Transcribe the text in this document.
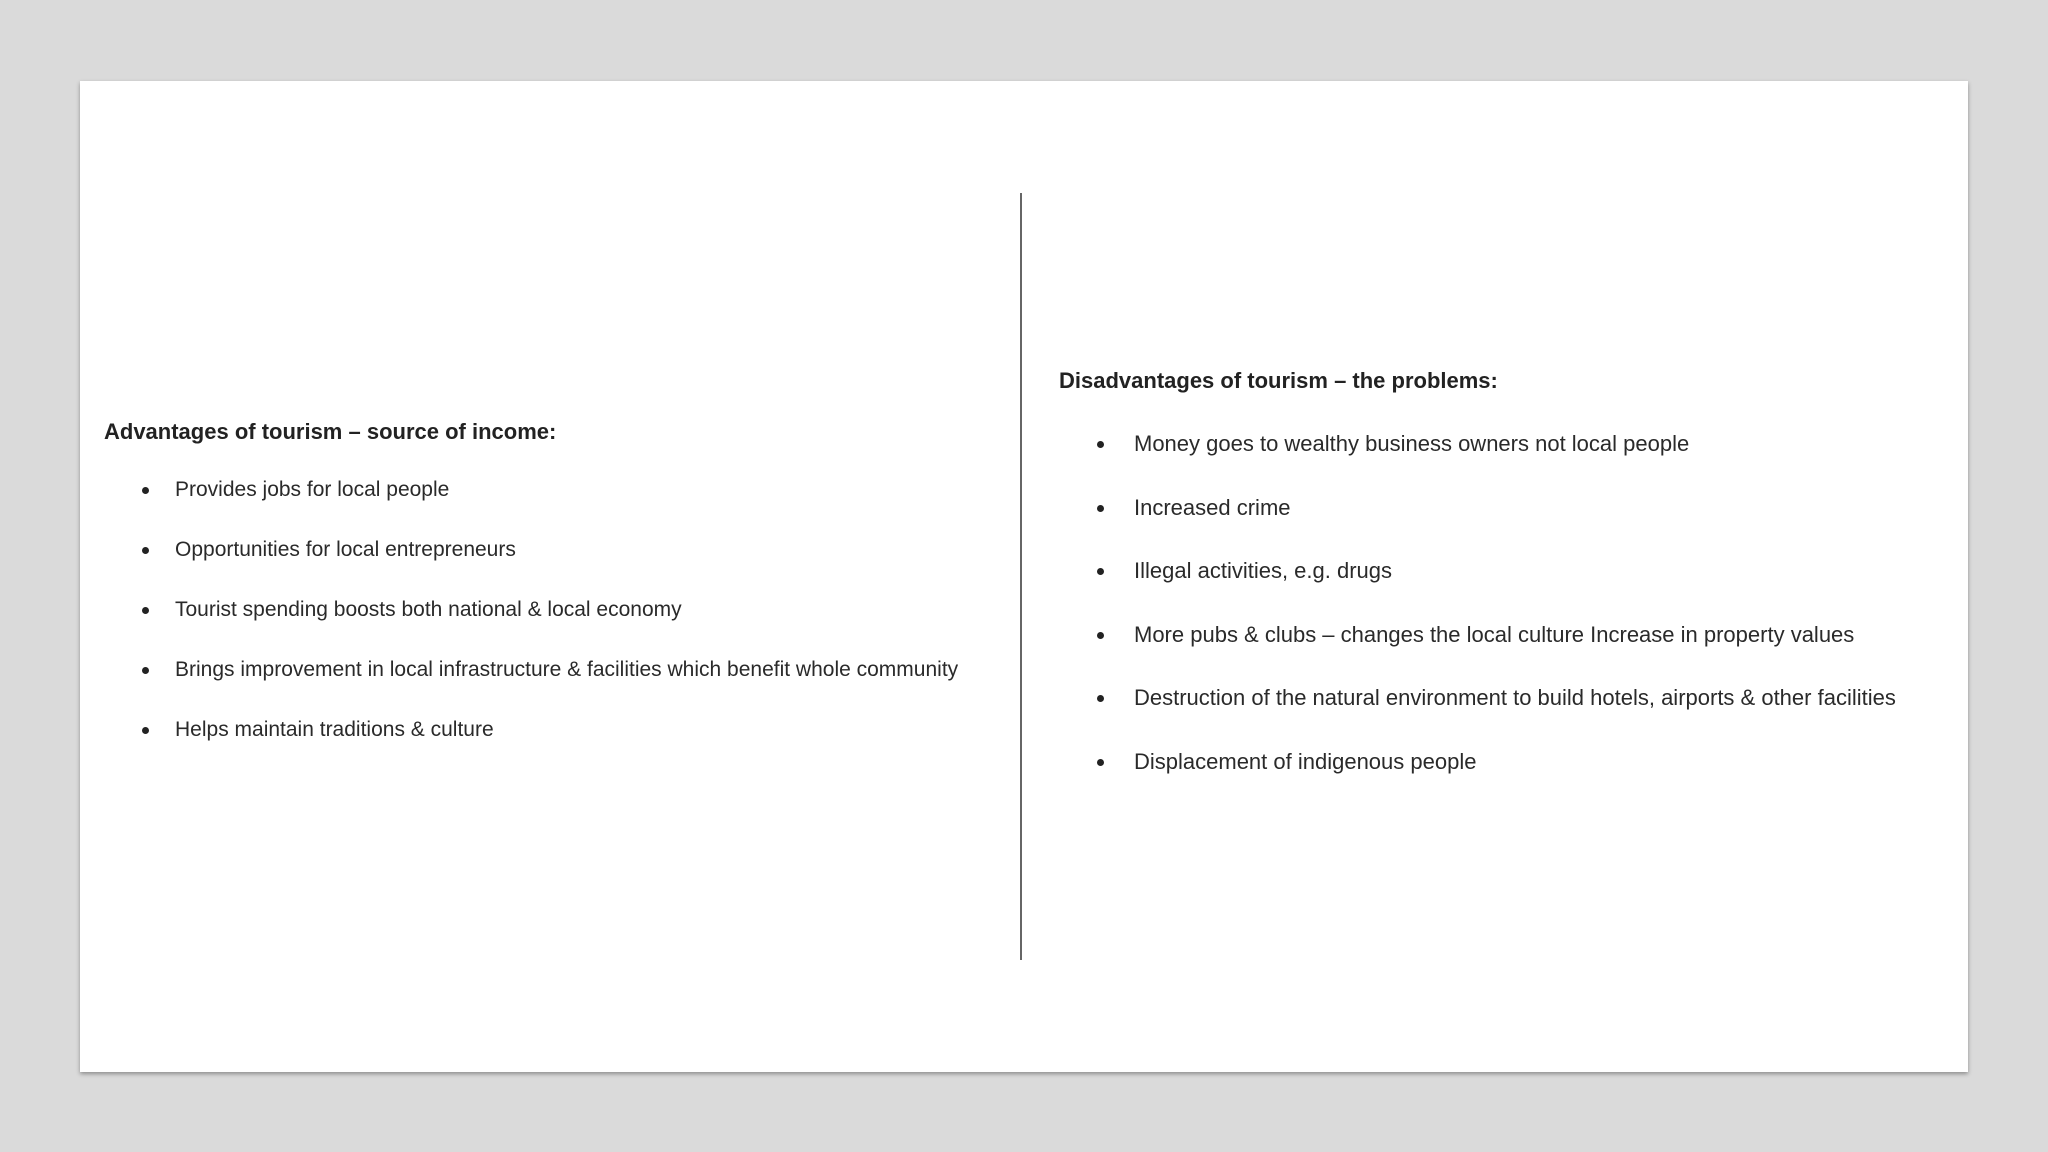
Advantages of tourism – source of income:

Provides jobs for local people
Opportunities for local entrepreneurs
Tourist spending boosts both national & local economy
Brings improvement in local infrastructure & facilities which benefit whole community
Helps maintain traditions & culture

Disadvantages of tourism – the problems:

Money goes to wealthy business owners not local people
Increased crime
Illegal activities, e.g. drugs
More pubs & clubs – changes the local culture Increase in property values
Destruction of the natural environment to build hotels, airports & other facilities
Displacement of indigenous people
